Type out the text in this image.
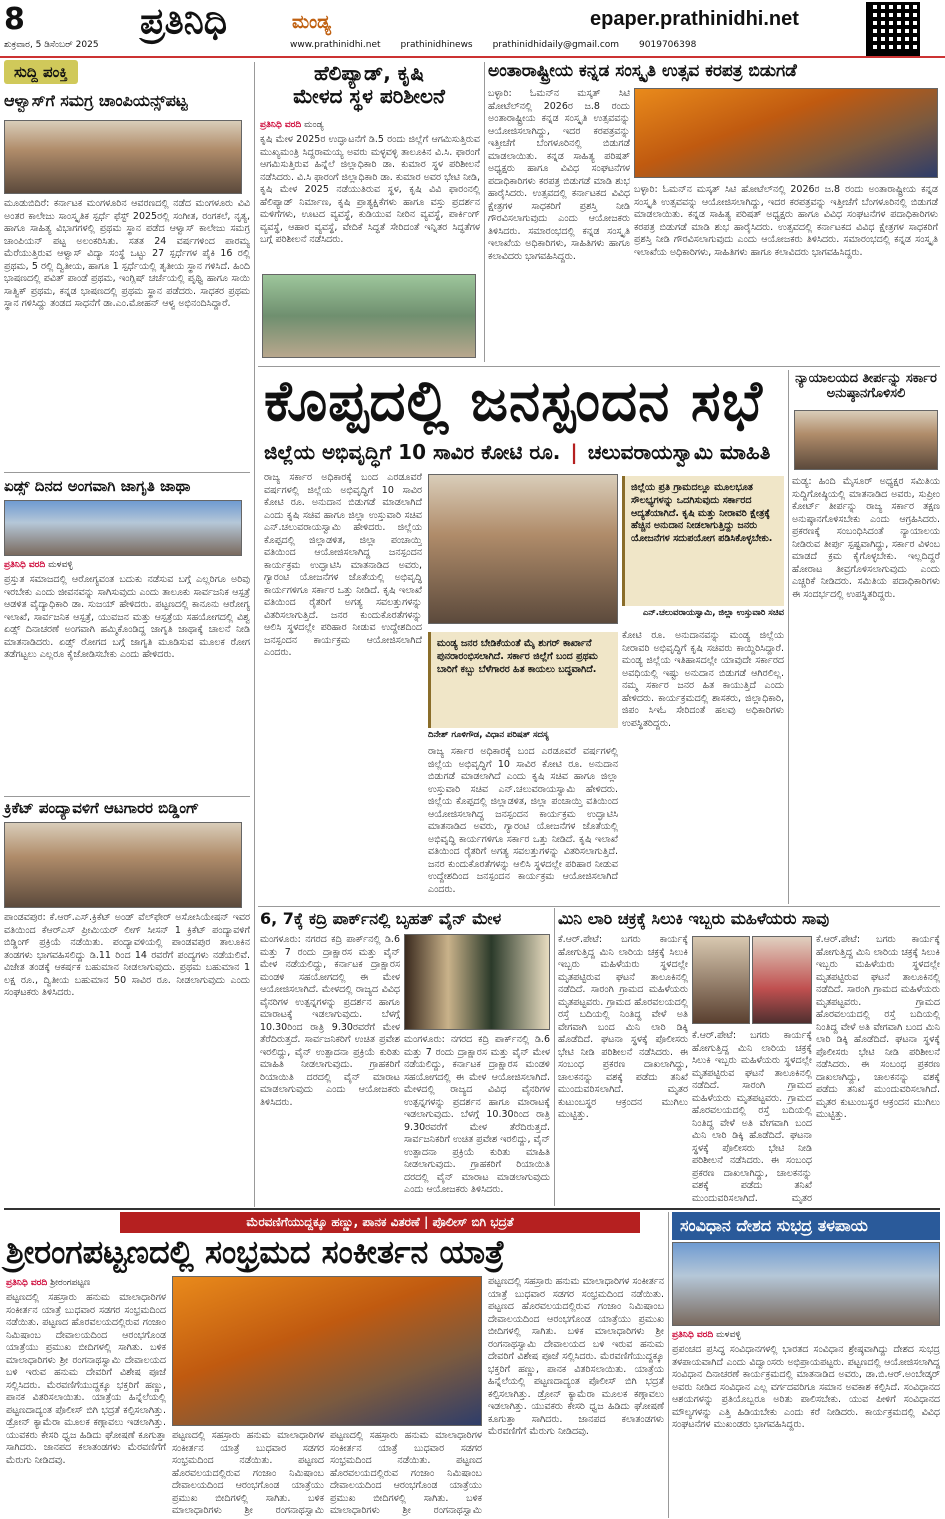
8
ಶುಕ್ರವಾರ, 5 ಡಿಸೆಂಬರ್ 2025
ಪ್ರತಿನಿಧಿ	ಮಂಡ್ಯ	epaper.prathinidhi.net
www.prathinidhi.net prathinidhinews prathinidhidaily@gmail.com 9019706398
ಸುದ್ದಿ ಪಂಕ್ತಿ
ಆಳ್ವಾಸ್‌ಗೆ ಸಮಗ್ರ ಚಾಂಪಿಯನ್ಸ್‌ಪಟ್ಟ
ಮೂಡುಬಿದಿರೆ: ಕರ್ನಾಟಕ ಮಂಗಳೂರಿನ ಆವರಣದಲ್ಲಿ ನಡೆದ ಮಂಗಳೂರು ವಿವಿ ಅಂತರ ಕಾಲೇಜು ಸಾಂಸ್ಕೃತಿಕ ಸ್ಪರ್ಧೆ ಫೆಸ್ಟ್ 2025ರಲ್ಲಿ ಸಂಗೀತ, ರಂಗಕಲೆ, ನೃತ್ಯ, ಹಾಗೂ ಸಾಹಿತ್ಯ ವಿಭಾಗಗಳಲ್ಲಿ ಪ್ರಥಮ ಸ್ಥಾನ ಪಡೆದ ಆಳ್ವಾಸ್ ಕಾಲೇಜು ಸಮಗ್ರ ಚಾಂಪಿಯನ್ ಪಟ್ಟ ಅಲಂಕರಿಸಿತು. ಸತತ 24 ವರ್ಷಗಳಿಂದ ಪಾರಮ್ಯ ಮೆರೆಯುತ್ತಿರುವ ಆಳ್ವಾಸ್ ವಿದ್ಯಾ ಸಂಸ್ಥೆ ಒಟ್ಟು 27 ಸ್ಪರ್ಧೆಗಳ ಪೈಕಿ 16 ರಲ್ಲಿ ಪ್ರಥಮ, 5 ರಲ್ಲಿ ದ್ವಿತೀಯ, ಹಾಗೂ 1 ಸ್ಪರ್ಧೆಯಲ್ಲಿ ತೃತೀಯ ಸ್ಥಾನ ಗಳಿಸಿದೆ. ಹಿಂದಿ ಭಾಷಣದಲ್ಲಿ ಪವಿತ್ ಪಾಂಡೆ ಪ್ರಥಮ, ಇಂಗ್ಲಿಷ್ ಚರ್ಚೆಯಲ್ಲಿ ಪೃಥ್ವಿ ಹಾಗೂ ಸಾಯಿ ಸಾತ್ವಿಕ್ ಪ್ರಥಮ, ಕನ್ನಡ ಭಾಷಣದಲ್ಲಿ ಪ್ರಥಮ ಸ್ಥಾನ ಪಡೆದರು. ಸಾಧಕರ ಪ್ರಥಮ ಸ್ಥಾನ ಗಳಿಸಿದ್ದು ತಂಡದ ಸಾಧನೆಗೆ ಡಾ.ಎಂ.ಮೋಹನ್ ಆಳ್ವ ಅಭಿನಂದಿಸಿದ್ದಾರೆ.
ಏಡ್ಸ್ ದಿನದ ಅಂಗವಾಗಿ ಜಾಗೃತಿ ಜಾಥಾ
ಪ್ರತಿನಿಧಿ ವರದಿ ಮಳವಳ್ಳಿ
ಪ್ರಸ್ತುತ ಸಮಾಜದಲ್ಲಿ ಆರೋಗ್ಯವಂತ ಬದುಕು ನಡೆಸುವ ಬಗ್ಗೆ ಎಲ್ಲರಿಗೂ ಅರಿವು ಇರಬೇಕು ಎಂದು ಜೀವನವನ್ನು ಸಾಗಿಸುವುದು ಎಂದು ತಾಲೂಕು ಸಾರ್ವಜನಿಕ ಆಸ್ಪತ್ರೆ ಆಡಳಿತ ವೈದ್ಯಾಧಿಕಾರಿ ಡಾ. ಸುಜಯ್ ಹೇಳಿದರು. ಪಟ್ಟಣದಲ್ಲಿ ಕಾನೂನು ಆರೋಗ್ಯ ಇಲಾಖೆ, ಸಾರ್ವಜನಿಕ ಆಸ್ಪತ್ರೆ, ಯುವಜನ ಮತ್ತು ಆಸ್ಪತ್ರೆಯ ಸಹಯೋಗದಲ್ಲಿ ವಿಶ್ವ ಏಡ್ಸ್ ದಿನಾಚರಣೆ ಅಂಗವಾಗಿ ಹಮ್ಮಿಕೊಂಡಿದ್ದ ಜಾಗೃತಿ ಜಾಥಾಕ್ಕೆ ಚಾಲನೆ ನೀಡಿ ಮಾತನಾಡಿದರು. ಏಡ್ಸ್ ರೋಗದ ಬಗ್ಗೆ ಜಾಗೃತಿ ಮೂಡಿಸುವ ಮೂಲಕ ರೋಗ ತಡೆಗಟ್ಟಲು ಎಲ್ಲರೂ ಕೈಜೋಡಿಸಬೇಕು ಎಂದು ಹೇಳಿದರು.
ಕ್ರಿಕೆಟ್ ಪಂದ್ಯಾವಳಿಗೆ ಆಟಗಾರರ ಬಿಡ್ಡಿಂಗ್
ಪಾಂಡವಪುರ: ಕೆ.ಆರ್.ಎಸ್.ಕ್ರಿಕೆಟ್ ಅಂಡ್ ವೆಲ್‌ಫೇರ್ ಅಸೋಸಿಯೇಷನ್ ಇವರ ವತಿಯಿಂದ ಕೆಆರ್‌ಎಸ್ ಪ್ರೀಮಿಯರ್ ಲೀಗ್ ಸೀಸನ್ 1 ಕ್ರಿಕೆಟ್ ಪಂದ್ಯಾವಳಿಗೆ ಬಿಡ್ಡಿಂಗ್ ಪ್ರಕ್ರಿಯೆ ನಡೆಯಿತು. ಪಂದ್ಯಾವಳಿಯಲ್ಲಿ ಪಾಂಡವಪುರ ತಾಲೂಕಿನ ತಂಡಗಳು ಭಾಗವಹಿಸಲಿದ್ದು ಡಿ.11 ರಿಂದ 14 ರವರೆಗೆ ಪಂದ್ಯಗಳು ನಡೆಯಲಿವೆ. ವಿಜೇತ ತಂಡಕ್ಕೆ ಆಕರ್ಷಕ ಬಹುಮಾನ ನೀಡಲಾಗುವುದು. ಪ್ರಥಮ ಬಹುಮಾನ 1 ಲಕ್ಷ ರೂ., ದ್ವಿತೀಯ ಬಹುಮಾನ 50 ಸಾವಿರ ರೂ. ನೀಡಲಾಗುವುದು ಎಂದು ಸಂಘಟಕರು ತಿಳಿಸಿದರು.
ಹೆಲಿಪ್ಯಾಡ್, ಕೃಷಿ
ಮೇಳದ ಸ್ಥಳ ಪರಿಶೀಲನೆ
ಪ್ರತಿನಿಧಿ ವರದಿ ಮಂಡ್ಯ
ಕೃಷಿ ಮೇಳ 2025ರ ಉದ್ಘಾಟನೆಗೆ ಡಿ.5 ರಂದು ಜಿಲ್ಲೆಗೆ ಆಗಮಿಸುತ್ತಿರುವ ಮುಖ್ಯಮಂತ್ರಿ ಸಿದ್ದರಾಮಯ್ಯ ಅವರು ಮಳ್ಳವಳ್ಳಿ ತಾಲೂಕಿನ ವಿ.ಸಿ. ಫಾರಂಗೆ ಆಗಮಿಸುತ್ತಿರುವ ಹಿನ್ನೆಲೆ ಜಿಲ್ಲಾಧಿಕಾರಿ ಡಾ. ಕುಮಾರ ಸ್ಥಳ ಪರಿಶೀಲನೆ ನಡೆಸಿದರು. ವಿ.ಸಿ ಫಾರಂಗೆ ಜಿಲ್ಲಾಧಿಕಾರಿ ಡಾ. ಕುಮಾರ ಅವರ ಭೇಟಿ ನೀಡಿ, ಕೃಷಿ ಮೇಳ 2025 ನಡೆಯುತಿರುವ ಸ್ಥಳ, ಕೃಷಿ ವಿವಿ ಫಾರಂನಲ್ಲಿ ಹೆಲಿಪ್ಯಾಡ್ ನಿರ್ಮಾಣ, ಕೃಷಿ ಪ್ರಾತ್ಯಕ್ಷಿಕೆಗಳು ಹಾಗೂ ವಸ್ತು ಪ್ರದರ್ಶನ ಮಳಿಗೆಗಳು, ಊಟದ ವ್ಯವಸ್ಥೆ, ಕುಡಿಯುವ ನೀರಿನ ವ್ಯವಸ್ಥೆ, ಪಾರ್ಕಿಂಗ್ ವ್ಯವಸ್ಥೆ, ಆಹಾರ ವ್ಯವಸ್ಥೆ, ವೇದಿಕೆ ಸಿದ್ಧತೆ ಸೇರಿದಂತೆ ಇನ್ನಿತರ ಸಿದ್ಧತೆಗಳ ಬಗ್ಗೆ ಪರಿಶೀಲನೆ ನಡೆಸಿದರು.
ಅಂತಾರಾಷ್ಟ್ರೀಯ ಕನ್ನಡ ಸಂಸ್ಕೃತಿ ಉತ್ಸವ ಕರಪತ್ರ ಬಿಡುಗಡೆ
ಬಳ್ಳಾರಿ: ಓಮನ್‌ನ ಮಸ್ಕತ್ ಸಿಟಿ ಹೋಟೆಲ್‌ನಲ್ಲಿ 2026ರ ಜ.8 ರಂದು ಅಂತಾರಾಷ್ಟ್ರೀಯ ಕನ್ನಡ ಸಂಸ್ಕೃತಿ ಉತ್ಸವವನ್ನು ಆಯೋಜಿಸಲಾಗಿದ್ದು, ಇದರ ಕರಪತ್ರವನ್ನು ಇತ್ತೀಚೆಗೆ ಬೆಂಗಳೂರಿನಲ್ಲಿ ಬಿಡುಗಡೆ ಮಾಡಲಾಯಿತು. ಕನ್ನಡ ಸಾಹಿತ್ಯ ಪರಿಷತ್ ಅಧ್ಯಕ್ಷರು ಹಾಗೂ ವಿವಿಧ ಸಂಘಟನೆಗಳ ಪದಾಧಿಕಾರಿಗಳು ಕರಪತ್ರ ಬಿಡುಗಡೆ ಮಾಡಿ ಶುಭ ಹಾರೈಸಿದರು. ಉತ್ಸವದಲ್ಲಿ ಕರ್ನಾಟಕದ ವಿವಿಧ ಕ್ಷೇತ್ರಗಳ ಸಾಧಕರಿಗೆ ಪ್ರಶಸ್ತಿ ನೀಡಿ ಗೌರವಿಸಲಾಗುವುದು ಎಂದು ಆಯೋಜಕರು ತಿಳಿಸಿದರು. ಸಮಾರಂಭದಲ್ಲಿ ಕನ್ನಡ ಸಂಸ್ಕೃತಿ ಇಲಾಖೆಯ ಅಧಿಕಾರಿಗಳು, ಸಾಹಿತಿಗಳು ಹಾಗೂ ಕಲಾವಿದರು ಭಾಗವಹಿಸಿದ್ದರು.
ಬಳ್ಳಾರಿ: ಓಮನ್‌ನ ಮಸ್ಕತ್ ಸಿಟಿ ಹೋಟೆಲ್‌ನಲ್ಲಿ 2026ರ ಜ.8 ರಂದು ಅಂತಾರಾಷ್ಟ್ರೀಯ ಕನ್ನಡ ಸಂಸ್ಕೃತಿ ಉತ್ಸವವನ್ನು ಆಯೋಜಿಸಲಾಗಿದ್ದು, ಇದರ ಕರಪತ್ರವನ್ನು ಇತ್ತೀಚೆಗೆ ಬೆಂಗಳೂರಿನಲ್ಲಿ ಬಿಡುಗಡೆ ಮಾಡಲಾಯಿತು. ಕನ್ನಡ ಸಾಹಿತ್ಯ ಪರಿಷತ್ ಅಧ್ಯಕ್ಷರು ಹಾಗೂ ವಿವಿಧ ಸಂಘಟನೆಗಳ ಪದಾಧಿಕಾರಿಗಳು ಕರಪತ್ರ ಬಿಡುಗಡೆ ಮಾಡಿ ಶುಭ ಹಾರೈಸಿದರು. ಉತ್ಸವದಲ್ಲಿ ಕರ್ನಾಟಕದ ವಿವಿಧ ಕ್ಷೇತ್ರಗಳ ಸಾಧಕರಿಗೆ ಪ್ರಶಸ್ತಿ ನೀಡಿ ಗೌರವಿಸಲಾಗುವುದು ಎಂದು ಆಯೋಜಕರು ತಿಳಿಸಿದರು. ಸಮಾರಂಭದಲ್ಲಿ ಕನ್ನಡ ಸಂಸ್ಕೃತಿ ಇಲಾಖೆಯ ಅಧಿಕಾರಿಗಳು, ಸಾಹಿತಿಗಳು ಹಾಗೂ ಕಲಾವಿದರು ಭಾಗವಹಿಸಿದ್ದರು.
ಕೊಪ್ಪದಲ್ಲಿ ಜನಸ್ಪಂದನ ಸಭೆ
ಜಿಲ್ಲೆಯ ಅಭಿವೃದ್ಧಿಗೆ 10 ಸಾವಿರ ಕೋಟಿ ರೂ. | ಚಲುವರಾಯಸ್ವಾಮಿ ಮಾಹಿತಿ
ರಾಜ್ಯ ಸರ್ಕಾರ ಅಧಿಕಾರಕ್ಕೆ ಬಂದ ಎರಡೂವರೆ ವರ್ಷಗಳಲ್ಲಿ ಜಿಲ್ಲೆಯ ಅಭಿವೃದ್ಧಿಗೆ 10 ಸಾವಿರ ಕೋಟಿ ರೂ. ಅನುದಾನ ಬಿಡುಗಡೆ ಮಾಡಲಾಗಿದೆ ಎಂದು ಕೃಷಿ ಸಚಿವ ಹಾಗೂ ಜಿಲ್ಲಾ ಉಸ್ತುವಾರಿ ಸಚಿವ ಎನ್.ಚಲುವರಾಯಸ್ವಾಮಿ ಹೇಳಿದರು. ಜಿಲ್ಲೆಯ ಕೊಪ್ಪದಲ್ಲಿ ಜಿಲ್ಲಾಡಳಿತ, ಜಿಲ್ಲಾ ಪಂಚಾಯ್ತಿ ವತಿಯಿಂದ ಆಯೋಜಿಸಲಾಗಿದ್ದ ಜನಸ್ಪಂದನ ಕಾರ್ಯಕ್ರಮ ಉದ್ಘಾಟಿಸಿ ಮಾತನಾಡಿದ ಅವರು, ಗ್ಯಾರಂಟಿ ಯೋಜನೆಗಳ ಜೊತೆಯಲ್ಲಿ ಅಭಿವೃದ್ಧಿ ಕಾರ್ಯಗಳಿಗೂ ಸರ್ಕಾರ ಒತ್ತು ನೀಡಿದೆ. ಕೃಷಿ ಇಲಾಖೆ ವತಿಯಿಂದ ರೈತರಿಗೆ ಅಗತ್ಯ ಸವಲತ್ತುಗಳನ್ನು ವಿತರಿಸಲಾಗುತ್ತಿದೆ. ಜನರ ಕುಂದುಕೊರತೆಗಳನ್ನು ಆಲಿಸಿ ಸ್ಥಳದಲ್ಲೇ ಪರಿಹಾರ ನೀಡುವ ಉದ್ದೇಶದಿಂದ ಜನಸ್ಪಂದನ ಕಾರ್ಯಕ್ರಮ ಆಯೋಜಿಸಲಾಗಿದೆ ಎಂದರು.
ಜಿಲ್ಲೆಯ ಪ್ರತಿ ಗ್ರಾಮದಲ್ಲೂ ಮೂಲಭೂತ ಸೌಲಭ್ಯಗಳನ್ನು ಒದಗಿಸುವುದು ಸರ್ಕಾರದ ಆದ್ಯತೆಯಾಗಿದೆ. ಕೃಷಿ ಮತ್ತು ನೀರಾವರಿ ಕ್ಷೇತ್ರಕ್ಕೆ ಹೆಚ್ಚಿನ ಅನುದಾನ ನೀಡಲಾಗುತ್ತಿದ್ದು ಜನರು ಯೋಜನೆಗಳ ಸದುಪಯೋಗ ಪಡಿಸಿಕೊಳ್ಳಬೇಕು.
ಎನ್.ಚಲುವರಾಯಸ್ವಾಮಿ, ಜಿಲ್ಲಾ ಉಸ್ತುವಾರಿ ಸಚಿವ
ಮಂಡ್ಯ ಜನರ ಬೇಡಿಕೆಯಂತೆ ಮೈ ಶುಗರ್ ಕಾರ್ಖಾನೆ ಪುನರಾರಂಭಿಸಲಾಗಿದೆ. ಸರ್ಕಾರ ಜಿಲ್ಲೆಗೆ ಬಂದ ಪ್ರಥಮ ಬಾರಿಗೆ ಕಬ್ಬು ಬೆಳೆಗಾರರ ಹಿತ ಕಾಯಲು ಬದ್ಧವಾಗಿದೆ.
ದಿನೇಶ್ ಗೂಳಿಗೌಡ, ವಿಧಾನ ಪರಿಷತ್ ಸದಸ್ಯ
ರಾಜ್ಯ ಸರ್ಕಾರ ಅಧಿಕಾರಕ್ಕೆ ಬಂದ ಎರಡೂವರೆ ವರ್ಷಗಳಲ್ಲಿ ಜಿಲ್ಲೆಯ ಅಭಿವೃದ್ಧಿಗೆ 10 ಸಾವಿರ ಕೋಟಿ ರೂ. ಅನುದಾನ ಬಿಡುಗಡೆ ಮಾಡಲಾಗಿದೆ ಎಂದು ಕೃಷಿ ಸಚಿವ ಹಾಗೂ ಜಿಲ್ಲಾ ಉಸ್ತುವಾರಿ ಸಚಿವ ಎನ್.ಚಲುವರಾಯಸ್ವಾಮಿ ಹೇಳಿದರು. ಜಿಲ್ಲೆಯ ಕೊಪ್ಪದಲ್ಲಿ ಜಿಲ್ಲಾಡಳಿತ, ಜಿಲ್ಲಾ ಪಂಚಾಯ್ತಿ ವತಿಯಿಂದ ಆಯೋಜಿಸಲಾಗಿದ್ದ ಜನಸ್ಪಂದನ ಕಾರ್ಯಕ್ರಮ ಉದ್ಘಾಟಿಸಿ ಮಾತನಾಡಿದ ಅವರು, ಗ್ಯಾರಂಟಿ ಯೋಜನೆಗಳ ಜೊತೆಯಲ್ಲಿ ಅಭಿವೃದ್ಧಿ ಕಾರ್ಯಗಳಿಗೂ ಸರ್ಕಾರ ಒತ್ತು ನೀಡಿದೆ. ಕೃಷಿ ಇಲಾಖೆ ವತಿಯಿಂದ ರೈತರಿಗೆ ಅಗತ್ಯ ಸವಲತ್ತುಗಳನ್ನು ವಿತರಿಸಲಾಗುತ್ತಿದೆ. ಜನರ ಕುಂದುಕೊರತೆಗಳನ್ನು ಆಲಿಸಿ ಸ್ಥಳದಲ್ಲೇ ಪರಿಹಾರ ನೀಡುವ ಉದ್ದೇಶದಿಂದ ಜನಸ್ಪಂದನ ಕಾರ್ಯಕ್ರಮ ಆಯೋಜಿಸಲಾಗಿದೆ ಎಂದರು.
ಕೋಟಿ ರೂ. ಅನುದಾನವನ್ನು ಮಂಡ್ಯ ಜಿಲ್ಲೆಯ ನೀರಾವರಿ ಅಭಿವೃದ್ಧಿಗೆ ಕೃಷಿ ಸಚಿವರು ಕಾಯ್ದಿರಿಸಿದ್ದಾರೆ. ಮಂಡ್ಯ ಜಿಲ್ಲೆಯ ಇತಿಹಾಸದಲ್ಲೇ ಯಾವುದೇ ಸರ್ಕಾರದ ಅವಧಿಯಲ್ಲಿ ಇಷ್ಟು ಅನುದಾನ ಬಿಡುಗಡೆ ಆಗಿರಲಿಲ್ಲ. ನಮ್ಮ ಸರ್ಕಾರ ಜನರ ಹಿತ ಕಾಯುತ್ತಿದೆ ಎಂದು ಹೇಳಿದರು. ಕಾರ್ಯಕ್ರಮದಲ್ಲಿ ಶಾಸಕರು, ಜಿಲ್ಲಾಧಿಕಾರಿ, ಜಿಪಂ ಸಿಇಓ ಸೇರಿದಂತೆ ಹಲವು ಅಧಿಕಾರಿಗಳು ಉಪಸ್ಥಿತರಿದ್ದರು.
ನ್ಯಾಯಾಲಯದ ತೀರ್ಪನ್ನು ಸರ್ಕಾರ ಅನುಷ್ಠಾನಗೊಳಿಸಲಿ
ಮಡ್ಯ: ಹಿಂದಿ ಮೈಸೂರ್ ಅಧ್ಯಕ್ಷರ ಸಮಿತಿಯ ಸುದ್ದಿಗೋಷ್ಠಿಯಲ್ಲಿ ಮಾತನಾಡಿದ ಅವರು, ಸುಪ್ರೀಂ ಕೋರ್ಟ್ ತೀರ್ಪನ್ನು ರಾಜ್ಯ ಸರ್ಕಾರ ತಕ್ಷಣ ಅನುಷ್ಠಾನಗೊಳಿಸಬೇಕು ಎಂದು ಆಗ್ರಹಿಸಿದರು. ಪ್ರಕರಣಕ್ಕೆ ಸಂಬಂಧಿಸಿದಂತೆ ನ್ಯಾಯಾಲಯ ನೀಡಿರುವ ತೀರ್ಪು ಸ್ಪಷ್ಟವಾಗಿದ್ದು, ಸರ್ಕಾರ ವಿಳಂಬ ಮಾಡದೆ ಕ್ರಮ ಕೈಗೊಳ್ಳಬೇಕು. ಇಲ್ಲದಿದ್ದರೆ ಹೋರಾಟ ತೀವ್ರಗೊಳಿಸಲಾಗುವುದು ಎಂದು ಎಚ್ಚರಿಕೆ ನೀಡಿದರು. ಸಮಿತಿಯ ಪದಾಧಿಕಾರಿಗಳು ಈ ಸಂದರ್ಭದಲ್ಲಿ ಉಪಸ್ಥಿತರಿದ್ದರು.
6, 7ಕ್ಕೆ ಕದ್ರಿ ಪಾರ್ಕ್‌ನಲ್ಲಿ ಬೃಹತ್ ವೈನ್ ಮೇಳ
ಮಂಗಳೂರು: ನಗರದ ಕದ್ರಿ ಪಾರ್ಕ್‌ನಲ್ಲಿ ಡಿ.6 ಮತ್ತು 7 ರಂದು ದ್ರಾಕ್ಷಾರಸ ಮತ್ತು ವೈನ್ ಮೇಳ ನಡೆಯಲಿದ್ದು, ಕರ್ನಾಟಕ ದ್ರಾಕ್ಷಾರಸ ಮಂಡಳಿ ಸಹಯೋಗದಲ್ಲಿ ಈ ಮೇಳ ಆಯೋಜಿಸಲಾಗಿದೆ. ಮೇಳದಲ್ಲಿ ರಾಜ್ಯದ ವಿವಿಧ ವೈನರಿಗಳ ಉತ್ಪನ್ನಗಳನ್ನು ಪ್ರದರ್ಶನ ಹಾಗೂ ಮಾರಾಟಕ್ಕೆ ಇಡಲಾಗುವುದು. ಬೆಳಗ್ಗೆ 10.30ರಿಂದ ರಾತ್ರಿ 9.30ರವರೆಗೆ ಮೇಳ ತೆರೆದಿರುತ್ತದೆ. ಸಾರ್ವಜನಿಕರಿಗೆ ಉಚಿತ ಪ್ರವೇಶ ಇರಲಿದ್ದು, ವೈನ್ ಉತ್ಪಾದನಾ ಪ್ರಕ್ರಿಯೆ ಕುರಿತು ಮಾಹಿತಿ ನೀಡಲಾಗುವುದು. ಗ್ರಾಹಕರಿಗೆ ರಿಯಾಯಿತಿ ದರದಲ್ಲಿ ವೈನ್ ಮಾರಾಟ ಮಾಡಲಾಗುವುದು ಎಂದು ಆಯೋಜಕರು ತಿಳಿಸಿದರು.
ಮಂಗಳೂರು: ನಗರದ ಕದ್ರಿ ಪಾರ್ಕ್‌ನಲ್ಲಿ ಡಿ.6 ಮತ್ತು 7 ರಂದು ದ್ರಾಕ್ಷಾರಸ ಮತ್ತು ವೈನ್ ಮೇಳ ನಡೆಯಲಿದ್ದು, ಕರ್ನಾಟಕ ದ್ರಾಕ್ಷಾರಸ ಮಂಡಳಿ ಸಹಯೋಗದಲ್ಲಿ ಈ ಮೇಳ ಆಯೋಜಿಸಲಾಗಿದೆ. ಮೇಳದಲ್ಲಿ ರಾಜ್ಯದ ವಿವಿಧ ವೈನರಿಗಳ ಉತ್ಪನ್ನಗಳನ್ನು ಪ್ರದರ್ಶನ ಹಾಗೂ ಮಾರಾಟಕ್ಕೆ ಇಡಲಾಗುವುದು. ಬೆಳಗ್ಗೆ 10.30ರಿಂದ ರಾತ್ರಿ 9.30ರವರೆಗೆ ಮೇಳ ತೆರೆದಿರುತ್ತದೆ. ಸಾರ್ವಜನಿಕರಿಗೆ ಉಚಿತ ಪ್ರವೇಶ ಇರಲಿದ್ದು, ವೈನ್ ಉತ್ಪಾದನಾ ಪ್ರಕ್ರಿಯೆ ಕುರಿತು ಮಾಹಿತಿ ನೀಡಲಾಗುವುದು. ಗ್ರಾಹಕರಿಗೆ ರಿಯಾಯಿತಿ ದರದಲ್ಲಿ ವೈನ್ ಮಾರಾಟ ಮಾಡಲಾಗುವುದು ಎಂದು ಆಯೋಜಕರು ತಿಳಿಸಿದರು.
ಮಿನಿ ಲಾರಿ ಚಕ್ರಕ್ಕೆ ಸಿಲುಕಿ ಇಬ್ಬರು ಮಹಿಳೆಯರು ಸಾವು
ಕೆ.ಆರ್.ಪೇಟೆ: ಬಗರು ಕಾರ್ಯಕ್ಕೆ ಹೋಗುತ್ತಿದ್ದ ಮಿನಿ ಲಾರಿಯ ಚಕ್ರಕ್ಕೆ ಸಿಲುಕಿ ಇಬ್ಬರು ಮಹಿಳೆಯರು ಸ್ಥಳದಲ್ಲೇ ಮೃತಪಟ್ಟಿರುವ ಘಟನೆ ತಾಲೂಕಿನಲ್ಲಿ ನಡೆದಿದೆ. ಸಾರಂಗಿ ಗ್ರಾಮದ ಮಹಿಳೆಯರು ಮೃತಪಟ್ಟವರು. ಗ್ರಾಮದ ಹೊರವಲಯದಲ್ಲಿ ರಸ್ತೆ ಬದಿಯಲ್ಲಿ ನಿಂತಿದ್ದ ವೇಳೆ ಅತಿ ವೇಗವಾಗಿ ಬಂದ ಮಿನಿ ಲಾರಿ ಡಿಕ್ಕಿ ಹೊಡೆದಿದೆ. ಘಟನಾ ಸ್ಥಳಕ್ಕೆ ಪೊಲೀಸರು ಭೇಟಿ ನೀಡಿ ಪರಿಶೀಲನೆ ನಡೆಸಿದರು. ಈ ಸಂಬಂಧ ಪ್ರಕರಣ ದಾಖಲಾಗಿದ್ದು, ಚಾಲಕನನ್ನು ವಶಕ್ಕೆ ಪಡೆದು ತನಿಖೆ ಮುಂದುವರಿಸಲಾಗಿದೆ. ಮೃತರ ಕುಟುಂಬಸ್ಥರ ಆಕ್ರಂದನ ಮುಗಿಲು ಮುಟ್ಟಿತ್ತು.
ಕೆ.ಆರ್.ಪೇಟೆ: ಬಗರು ಕಾರ್ಯಕ್ಕೆ ಹೋಗುತ್ತಿದ್ದ ಮಿನಿ ಲಾರಿಯ ಚಕ್ರಕ್ಕೆ ಸಿಲುಕಿ ಇಬ್ಬರು ಮಹಿಳೆಯರು ಸ್ಥಳದಲ್ಲೇ ಮೃತಪಟ್ಟಿರುವ ಘಟನೆ ತಾಲೂಕಿನಲ್ಲಿ ನಡೆದಿದೆ. ಸಾರಂಗಿ ಗ್ರಾಮದ ಮಹಿಳೆಯರು ಮೃತಪಟ್ಟವರು. ಗ್ರಾಮದ ಹೊರವಲಯದಲ್ಲಿ ರಸ್ತೆ ಬದಿಯಲ್ಲಿ ನಿಂತಿದ್ದ ವೇಳೆ ಅತಿ ವೇಗವಾಗಿ ಬಂದ ಮಿನಿ ಲಾರಿ ಡಿಕ್ಕಿ ಹೊಡೆದಿದೆ. ಘಟನಾ ಸ್ಥಳಕ್ಕೆ ಪೊಲೀಸರು ಭೇಟಿ ನೀಡಿ ಪರಿಶೀಲನೆ ನಡೆಸಿದರು. ಈ ಸಂಬಂಧ ಪ್ರಕರಣ ದಾಖಲಾಗಿದ್ದು, ಚಾಲಕನನ್ನು ವಶಕ್ಕೆ ಪಡೆದು ತನಿಖೆ ಮುಂದುವರಿಸಲಾಗಿದೆ. ಮೃತರ ಕುಟುಂಬಸ್ಥರ ಆಕ್ರಂದನ ಮುಗಿಲು ಮುಟ್ಟಿತ್ತು.
ಕೆ.ಆರ್.ಪೇಟೆ: ಬಗರು ಕಾರ್ಯಕ್ಕೆ ಹೋಗುತ್ತಿದ್ದ ಮಿನಿ ಲಾರಿಯ ಚಕ್ರಕ್ಕೆ ಸಿಲುಕಿ ಇಬ್ಬರು ಮಹಿಳೆಯರು ಸ್ಥಳದಲ್ಲೇ ಮೃತಪಟ್ಟಿರುವ ಘಟನೆ ತಾಲೂಕಿನಲ್ಲಿ ನಡೆದಿದೆ. ಸಾರಂಗಿ ಗ್ರಾಮದ ಮಹಿಳೆಯರು ಮೃತಪಟ್ಟವರು. ಗ್ರಾಮದ ಹೊರವಲಯದಲ್ಲಿ ರಸ್ತೆ ಬದಿಯಲ್ಲಿ ನಿಂತಿದ್ದ ವೇಳೆ ಅತಿ ವೇಗವಾಗಿ ಬಂದ ಮಿನಿ ಲಾರಿ ಡಿಕ್ಕಿ ಹೊಡೆದಿದೆ. ಘಟನಾ ಸ್ಥಳಕ್ಕೆ ಪೊಲೀಸರು ಭೇಟಿ ನೀಡಿ ಪರಿಶೀಲನೆ ನಡೆಸಿದರು. ಈ ಸಂಬಂಧ ಪ್ರಕರಣ ದಾಖಲಾಗಿದ್ದು, ಚಾಲಕನನ್ನು ವಶಕ್ಕೆ ಪಡೆದು ತನಿಖೆ ಮುಂದುವರಿಸಲಾಗಿದೆ. ಮೃತರ
ಮೆರವಣಿಗೆಯುದ್ದಕ್ಕೂ ಹಣ್ಣು, ಪಾನಕ ವಿತರಣೆ | ಪೊಲೀಸ್ ಬಿಗಿ ಭದ್ರತೆ
ಶ್ರೀರಂಗಪಟ್ಟಣದಲ್ಲಿ ಸಂಭ್ರಮದ ಸಂಕೀರ್ತನ ಯಾತ್ರೆ
ಪ್ರತಿನಿಧಿ ವರದಿ ಶ್ರೀರಂಗಪಟ್ಟಣ
ಪಟ್ಟಣದಲ್ಲಿ ಸಹಸ್ರಾರು ಹನುಮ ಮಾಲಾಧಾರಿಗಳ ಸಂಕೀರ್ತನ ಯಾತ್ರೆ ಬುಧವಾರ ಸಡಗರ ಸಂಭ್ರಮದಿಂದ ನಡೆಯಿತು. ಪಟ್ಟಣದ ಹೊರವಲಯದಲ್ಲಿರುವ ಗಂಜಾಂ ನಿಮಿಷಾಂಬ ದೇವಾಲಯದಿಂದ ಆರಂಭಗೊಂಡ ಯಾತ್ರೆಯು ಪ್ರಮುಖ ಬೀದಿಗಳಲ್ಲಿ ಸಾಗಿತು. ಬಳಿಕ ಮಾಲಾಧಾರಿಗಳು ಶ್ರೀ ರಂಗನಾಥಸ್ವಾಮಿ ದೇವಾಲಯದ ಬಳಿ ಇರುವ ಹನುಮ ದೇವರಿಗೆ ವಿಶೇಷ ಪೂಜೆ ಸಲ್ಲಿಸಿದರು. ಮೆರವಣಿಗೆಯುದ್ದಕ್ಕೂ ಭಕ್ತರಿಗೆ ಹಣ್ಣು, ಪಾನಕ ವಿತರಿಸಲಾಯಿತು. ಯಾತ್ರೆಯ ಹಿನ್ನೆಲೆಯಲ್ಲಿ ಪಟ್ಟಣದಾದ್ಯಂತ ಪೊಲೀಸ್ ಬಿಗಿ ಭದ್ರತೆ ಕಲ್ಪಿಸಲಾಗಿತ್ತು. ಡ್ರೋನ್ ಕ್ಯಾಮೆರಾ ಮೂಲಕ ಕಣ್ಗಾವಲು ಇಡಲಾಗಿತ್ತು. ಯುವಕರು ಕೇಸರಿ ಧ್ವಜ ಹಿಡಿದು ಘೋಷಣೆ ಕೂಗುತ್ತಾ ಸಾಗಿದರು. ಜಾನಪದ ಕಲಾತಂಡಗಳು ಮೆರವಣಿಗೆಗೆ ಮೆರುಗು ನೀಡಿದವು.
ಪಟ್ಟಣದಲ್ಲಿ ಸಹಸ್ರಾರು ಹನುಮ ಮಾಲಾಧಾರಿಗಳ ಸಂಕೀರ್ತನ ಯಾತ್ರೆ ಬುಧವಾರ ಸಡಗರ ಸಂಭ್ರಮದಿಂದ ನಡೆಯಿತು. ಪಟ್ಟಣದ ಹೊರವಲಯದಲ್ಲಿರುವ ಗಂಜಾಂ ನಿಮಿಷಾಂಬ ದೇವಾಲಯದಿಂದ ಆರಂಭಗೊಂಡ ಯಾತ್ರೆಯು ಪ್ರಮುಖ ಬೀದಿಗಳಲ್ಲಿ ಸಾಗಿತು. ಬಳಿಕ ಮಾಲಾಧಾರಿಗಳು ಶ್ರೀ ರಂಗನಾಥಸ್ವಾಮಿ
ಪಟ್ಟಣದಲ್ಲಿ ಸಹಸ್ರಾರು ಹನುಮ ಮಾಲಾಧಾರಿಗಳ ಸಂಕೀರ್ತನ ಯಾತ್ರೆ ಬುಧವಾರ ಸಡಗರ ಸಂಭ್ರಮದಿಂದ ನಡೆಯಿತು. ಪಟ್ಟಣದ ಹೊರವಲಯದಲ್ಲಿರುವ ಗಂಜಾಂ ನಿಮಿಷಾಂಬ ದೇವಾಲಯದಿಂದ ಆರಂಭಗೊಂಡ ಯಾತ್ರೆಯು ಪ್ರಮುಖ ಬೀದಿಗಳಲ್ಲಿ ಸಾಗಿತು. ಬಳಿಕ ಮಾಲಾಧಾರಿಗಳು ಶ್ರೀ ರಂಗನಾಥಸ್ವಾಮಿ
ಪಟ್ಟಣದಲ್ಲಿ ಸಹಸ್ರಾರು ಹನುಮ ಮಾಲಾಧಾರಿಗಳ ಸಂಕೀರ್ತನ ಯಾತ್ರೆ ಬುಧವಾರ ಸಡಗರ ಸಂಭ್ರಮದಿಂದ ನಡೆಯಿತು. ಪಟ್ಟಣದ ಹೊರವಲಯದಲ್ಲಿರುವ ಗಂಜಾಂ ನಿಮಿಷಾಂಬ ದೇವಾಲಯದಿಂದ ಆರಂಭಗೊಂಡ ಯಾತ್ರೆಯು ಪ್ರಮುಖ ಬೀದಿಗಳಲ್ಲಿ ಸಾಗಿತು. ಬಳಿಕ ಮಾಲಾಧಾರಿಗಳು ಶ್ರೀ ರಂಗನಾಥಸ್ವಾಮಿ ದೇವಾಲಯದ ಬಳಿ ಇರುವ ಹನುಮ ದೇವರಿಗೆ ವಿಶೇಷ ಪೂಜೆ ಸಲ್ಲಿಸಿದರು. ಮೆರವಣಿಗೆಯುದ್ದಕ್ಕೂ ಭಕ್ತರಿಗೆ ಹಣ್ಣು, ಪಾನಕ ವಿತರಿಸಲಾಯಿತು. ಯಾತ್ರೆಯ ಹಿನ್ನೆಲೆಯಲ್ಲಿ ಪಟ್ಟಣದಾದ್ಯಂತ ಪೊಲೀಸ್ ಬಿಗಿ ಭದ್ರತೆ ಕಲ್ಪಿಸಲಾಗಿತ್ತು. ಡ್ರೋನ್ ಕ್ಯಾಮೆರಾ ಮೂಲಕ ಕಣ್ಗಾವಲು ಇಡಲಾಗಿತ್ತು. ಯುವಕರು ಕೇಸರಿ ಧ್ವಜ ಹಿಡಿದು ಘೋಷಣೆ ಕೂಗುತ್ತಾ ಸಾಗಿದರು. ಜಾನಪದ ಕಲಾತಂಡಗಳು ಮೆರವಣಿಗೆಗೆ ಮೆರುಗು ನೀಡಿದವು.
ಸಂವಿಧಾನ ದೇಶದ ಸುಭದ್ರ ತಳಪಾಯ
ಪ್ರತಿನಿಧಿ ವರದಿ ಮಳವಳ್ಳಿ
ಪ್ರಪಂಚದ ಪ್ರಸಿದ್ಧ ಸಂವಿಧಾನಗಳಲ್ಲಿ ಭಾರತದ ಸಂವಿಧಾನ ಶ್ರೇಷ್ಠವಾಗಿದ್ದು ದೇಶದ ಸುಭದ್ರ ತಳಪಾಯವಾಗಿದೆ ಎಂದು ವಿದ್ವಾಂಸರು ಅಭಿಪ್ರಾಯಪಟ್ಟರು. ಪಟ್ಟಣದಲ್ಲಿ ಆಯೋಜಿಸಲಾಗಿದ್ದ ಸಂವಿಧಾನ ದಿನಾಚರಣೆ ಕಾರ್ಯಕ್ರಮದಲ್ಲಿ ಮಾತನಾಡಿದ ಅವರು, ಡಾ.ಬಿ.ಆರ್.ಅಂಬೇಡ್ಕರ್ ಅವರು ನೀಡಿದ ಸಂವಿಧಾನ ಎಲ್ಲ ವರ್ಗದವರಿಗೂ ಸಮಾನ ಅವಕಾಶ ಕಲ್ಪಿಸಿದೆ. ಸಂವಿಧಾನದ ಆಶಯಗಳನ್ನು ಪ್ರತಿಯೊಬ್ಬರೂ ಅರಿತು ಪಾಲಿಸಬೇಕು. ಯುವ ಪೀಳಿಗೆ ಸಂವಿಧಾನದ ಮೌಲ್ಯಗಳನ್ನು ಎತ್ತಿ ಹಿಡಿಯಬೇಕು ಎಂದು ಕರೆ ನೀಡಿದರು. ಕಾರ್ಯಕ್ರಮದಲ್ಲಿ ವಿವಿಧ ಸಂಘಟನೆಗಳ ಮುಖಂಡರು ಭಾಗವಹಿಸಿದ್ದರು.
